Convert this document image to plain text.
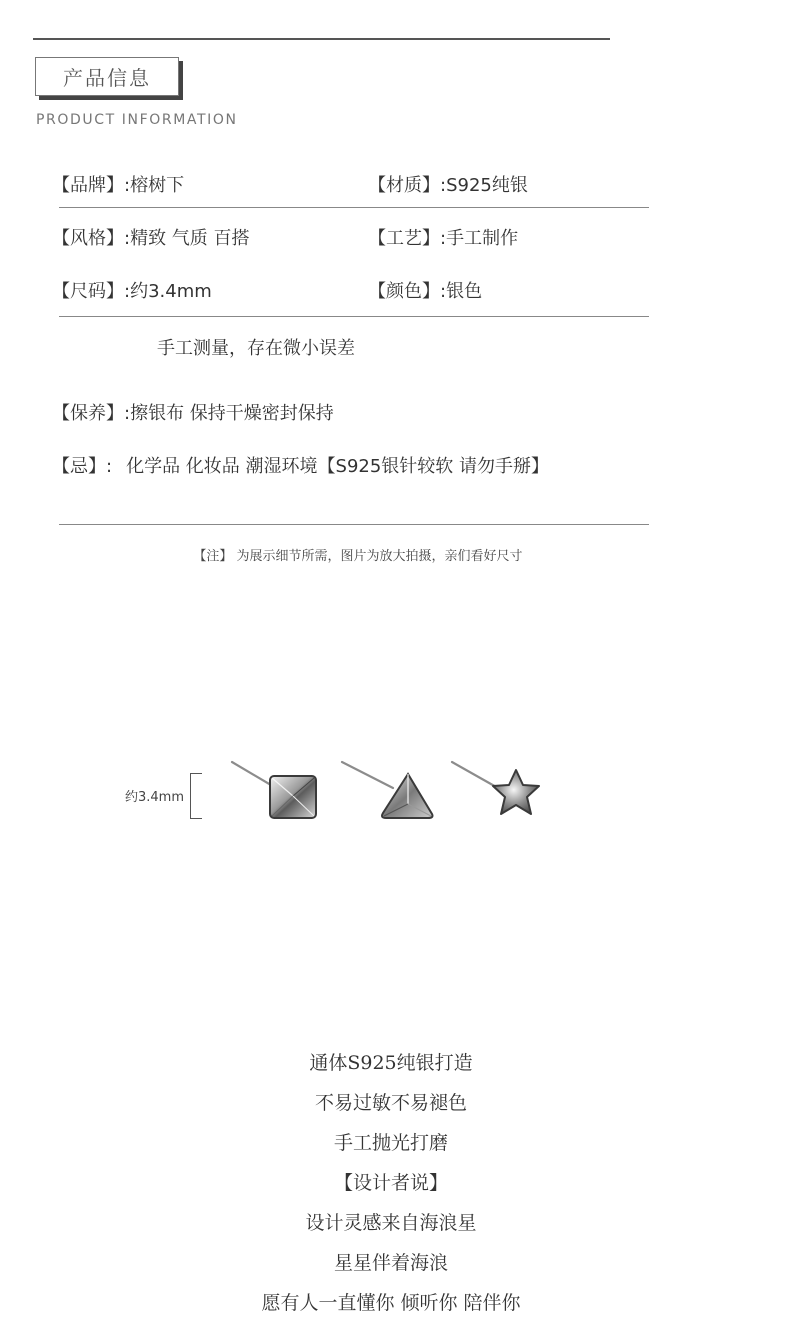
产品信息
PRODUCT INFORMATION
【品牌】:榕树下	【材质】:S925纯银
【风格】:精致 气质 百搭	【工艺】:手工制作
【尺码】:约3.4mm	【颜色】:银色
手工测量，存在微小误差
【保养】:擦银布 保持干燥密封保持
【忌】: 化学品 化妆品 潮湿环境【S925银针较软 请勿手掰】
【注】 为展示细节所需，图片为放大拍摄，亲们看好尺寸
约3.4mm
通体S925纯银打造
不易过敏不易褪色
手工抛光打磨
【设计者说】
设计灵感来自海浪星
星星伴着海浪
愿有人一直懂你 倾听你 陪伴你
